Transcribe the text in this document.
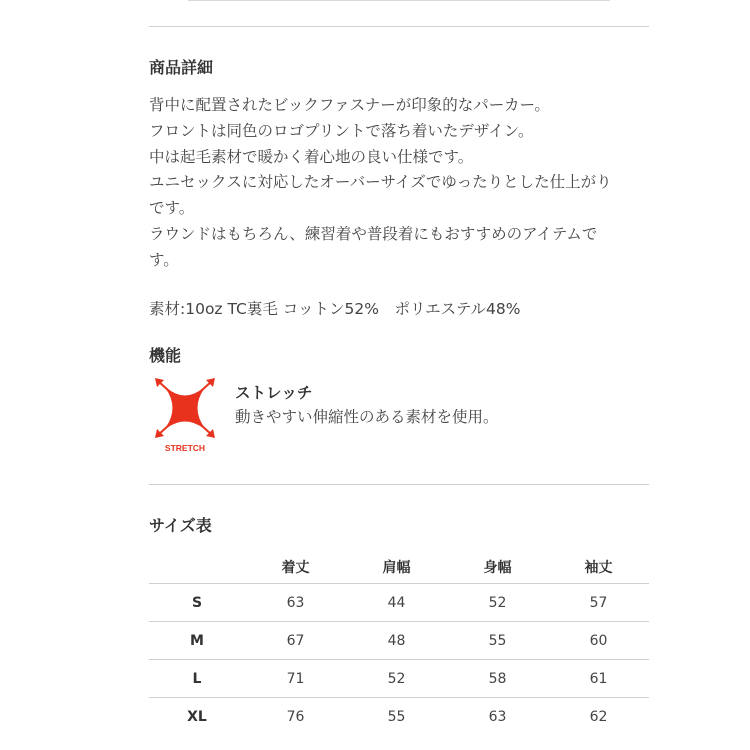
商品詳細
背中に配置されたビックファスナーが印象的なパーカー。
フロントは同色のロゴプリントで落ち着いたデザイン。
中は起毛素材で暖かく着心地の良い仕様です。
ユニセックスに対応したオーバーサイズでゆったりとした仕上がり
です。
ラウンドはもちろん、練習着や普段着にもおすすめのアイテムで
す。
素材:10oz TC裏毛 コットン52%　ポリエステル48%
機能
STRETCH
ストレッチ
動きやすい伸縮性のある素材を使用。
サイズ表
	着丈	肩幅	身幅	袖丈
S	63	44	52	57
M	67	48	55	60
L	71	52	58	61
XL	76	55	63	62
